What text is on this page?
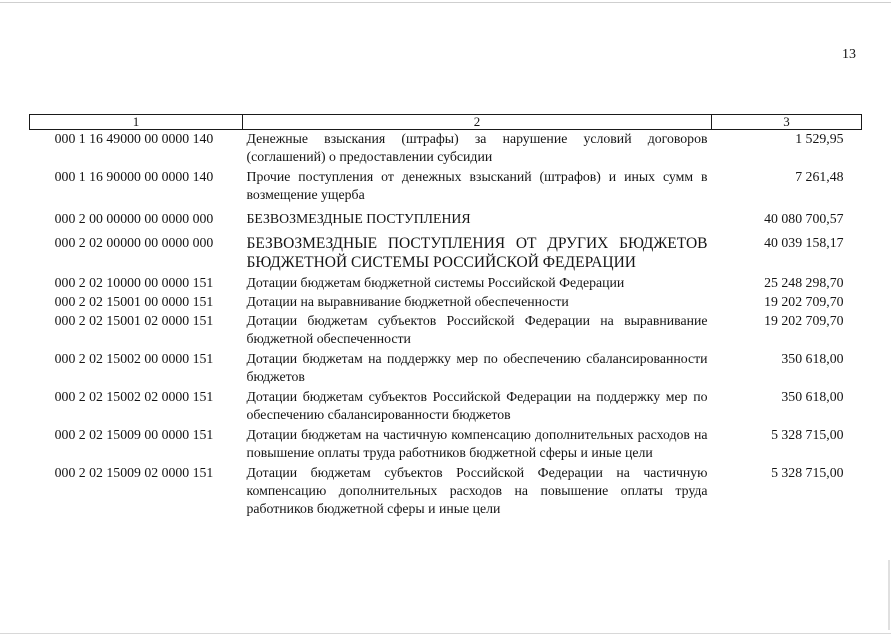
13
1	2	3
000 1 16 49000 00 0000 140	Денежные взыскания (штрафы) за нарушение условий договоров (соглашений) о предоставлении субсидии	1 529,95
000 1 16 90000 00 0000 140	Прочие поступления от денежных взысканий (штрафов) и иных сумм в возмещение ущерба	7 261,48
000 2 00 00000 00 0000 000	БЕЗВОЗМЕЗДНЫЕ ПОСТУПЛЕНИЯ	40 080 700,57
000 2 02 00000 00 0000 000	БЕЗВОЗМЕЗДНЫЕ ПОСТУПЛЕНИЯ ОТ ДРУГИХ БЮДЖЕТОВ БЮДЖЕТНОЙ СИСТЕМЫ РОССИЙСКОЙ ФЕДЕРАЦИИ	40 039 158,17
000 2 02 10000 00 0000 151	Дотации бюджетам бюджетной системы Российской Федерации	25 248 298,70
000 2 02 15001 00 0000 151	Дотации на выравнивание бюджетной обеспеченности	19 202 709,70
000 2 02 15001 02 0000 151	Дотации бюджетам субъектов Российской Федерации на выравнивание бюджетной обеспеченности	19 202 709,70
000 2 02 15002 00 0000 151	Дотации бюджетам на поддержку мер по обеспечению сбалансированности бюджетов	350 618,00
000 2 02 15002 02 0000 151	Дотации бюджетам субъектов Российской Федерации на поддержку мер по обеспечению сбалансированности бюджетов	350 618,00
000 2 02 15009 00 0000 151	Дотации бюджетам на частичную компенсацию дополнительных расходов на повышение оплаты труда работников бюджетной сферы и иные цели	5 328 715,00
000 2 02 15009 02 0000 151	Дотации бюджетам субъектов Российской Федерации на частичную компенсацию дополнительных расходов на повышение оплаты труда работников бюджетной сферы и иные цели	5 328 715,00
